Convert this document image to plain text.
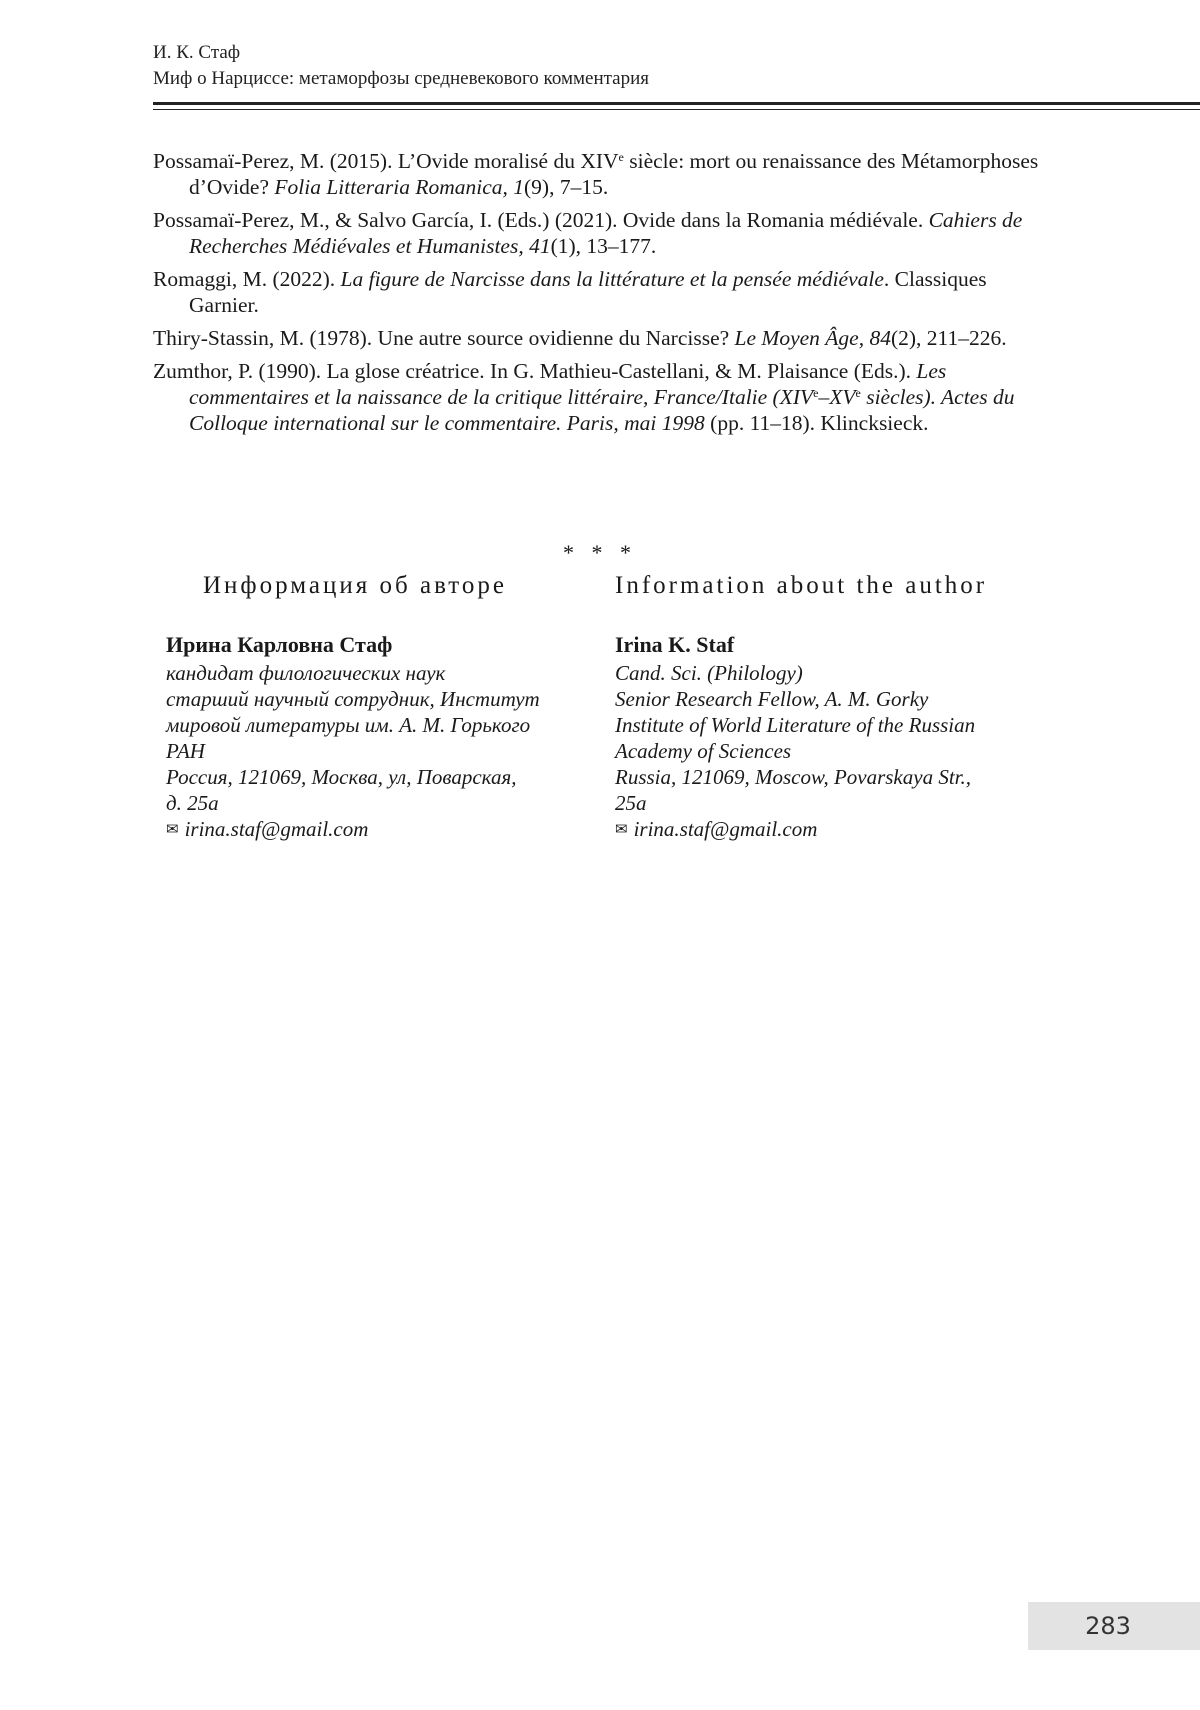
И. К. Стаф
Миф о Нарциссе: метаморфозы средневекового комментария
Possamaï-Perez, M. (2015). L’Ovide moralisé du XIVe siècle: mort ou renaissance des Métamorphoses d’Ovide? Folia Litteraria Romanica, 1(9), 7–15.
Possamaï-Perez, M., & Salvo García, I. (Eds.) (2021). Ovide dans la Romania médiévale. Cahiers de Recherches Médiévales et Humanistes, 41(1), 13–177.
Romaggi, M. (2022). La figure de Narcisse dans la littérature et la pensée médiévale. Classiques Garnier.
Thiry-Stassin, M. (1978). Une autre source ovidienne du Narcisse? Le Moyen Âge, 84(2), 211–226.
Zumthor, P. (1990). La glose créatrice. In G. Mathieu-Castellani, & M. Plaisance (Eds.). Les commentaires et la naissance de la critique littéraire, France/Italie (XIVe–XVe siècles). Actes du Colloque international sur le commentaire. Paris, mai 1998 (pp. 11–18). Klincksieck.
* * *
Информация об авторе
Ирина Карловна Стаф
кандидат филологических наук
старший научный сотрудник, Институт
мировой литературы им. А. М. Горького
РАН
Россия, 121069, Москва, ул, Поварская,
д. 25а
✉ irina.staf@gmail.com
Information about the author
Irina K. Staf
Cand. Sci. (Philology)
Senior Research Fellow, A. M. Gorky
Institute of World Literature of the Russian
Academy of Sciences
Russia, 121069, Moscow, Povarskaya Str.,
25a
✉ irina.staf@gmail.com
283
